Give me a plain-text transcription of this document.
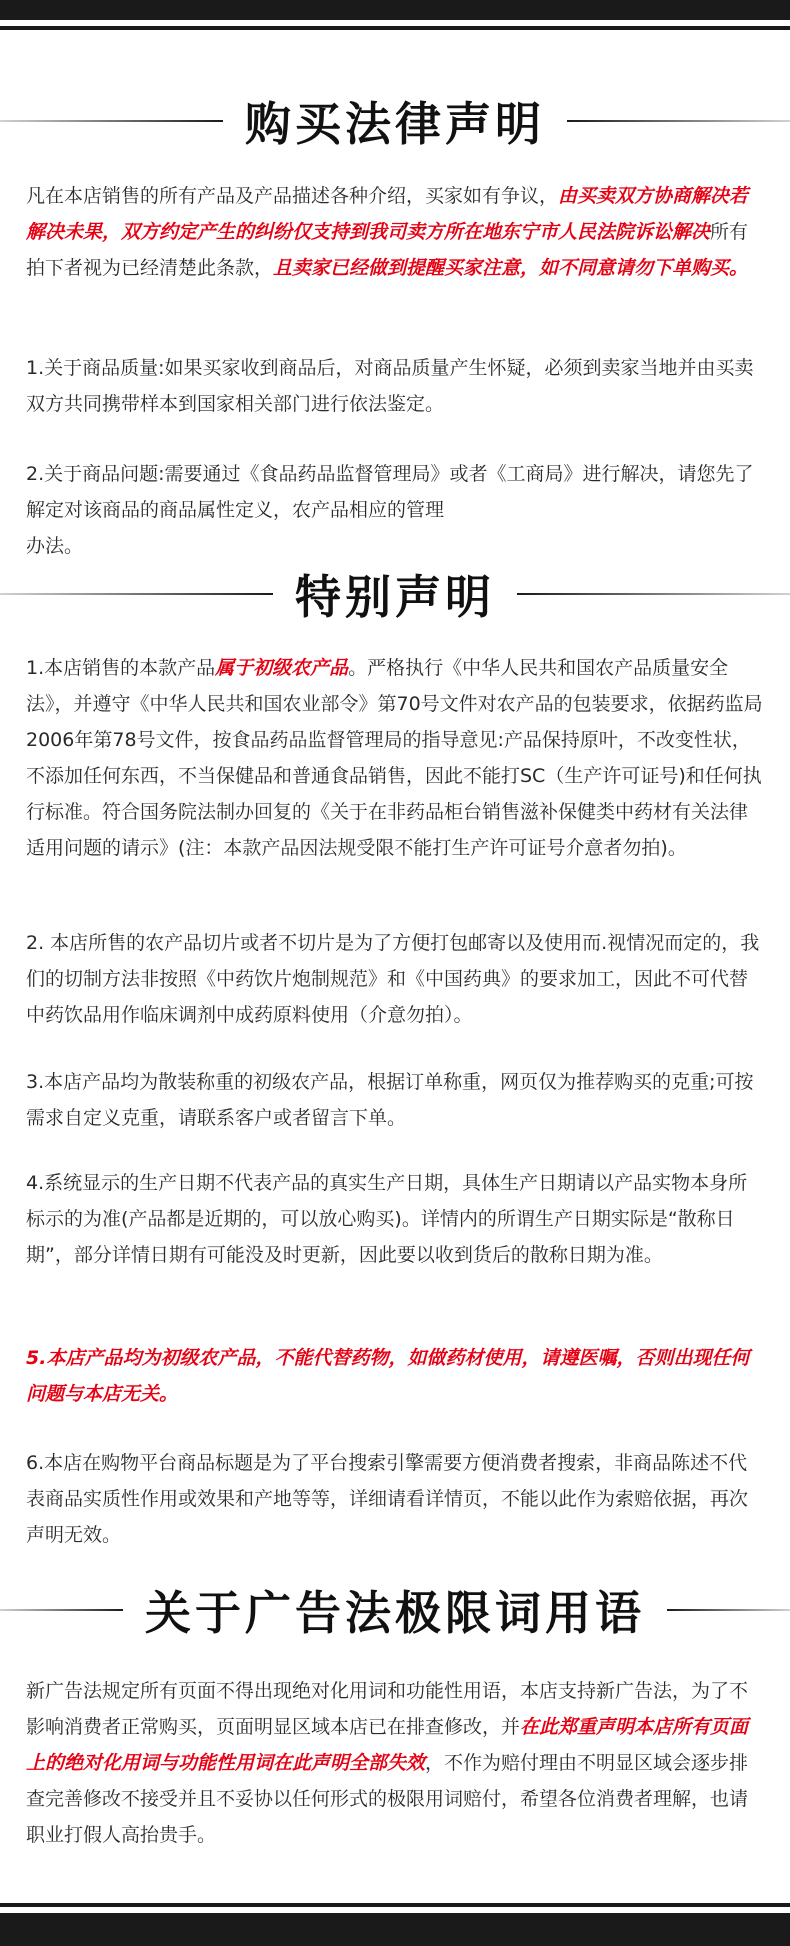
购买法律声明

凡在本店销售的所有产品及产品描述各种介绍，买家如有争议，由买卖双方协商解决若解决未果，双方约定产生的纠纷仅支持到我司卖方所在地东宁市人民法院诉讼解决所有拍下者视为已经清楚此条款，且卖家已经做到提醒买家注意，如不同意请勿下单购买。

1.关于商品质量:如果买家收到商品后，对商品质量产生怀疑，必须到卖家当地并由买卖双方共同携带样本到国家相关部门进行依法鉴定。

2.关于商品问题:需要通过《食品药品监督管理局》或者《工商局》进行解决，请您先了解定对该商品的商品属性定义，农产品相应的管理
办法。

特别声明

1.本店销售的本款产品属于初级农产品。严格执行《中华人民共和国农产品质量安全法》，并遵守《中华人民共和国农业部令》第70号文件对农产品的包装要求，依据药监局2006年第78号文件，按食品药品监督管理局的指导意见:产品保持原叶，不改变性状，不添加任何东西，不当保健品和普通食品销售，因此不能打SC（生产许可证号)和任何执行标准。符合国务院法制办回复的《关于在非药品柜台销售滋补保健类中药材有关法律适用问题的请示》(注：本款产品因法规受限不能打生产许可证号介意者勿拍)。

2. 本店所售的农产品切片或者不切片是为了方便打包邮寄以及使用而.视情况而定的，我们的切制方法非按照《中药饮片炮制规范》和《中国药典》的要求加工，因此不可代替中药饮品用作临床调剂中成药原料使用（介意勿拍）。

3.本店产品均为散装称重的初级农产品，根据订单称重，网页仅为推荐购买的克重;可按需求自定义克重，请联系客户或者留言下单。

4.系统显示的生产日期不代表产品的真实生产日期，具体生产日期请以产品实物本身所标示的为准(产品都是近期的，可以放心购买)。详情内的所谓生产日期实际是“散称日期”，部分详情日期有可能没及时更新，因此要以收到货后的散称日期为准。

5.本店产品均为初级农产品，不能代替药物，如做药材使用，请遵医嘱，否则出现任何问题与本店无关。

6.本店在购物平台商品标题是为了平台搜索引擎需要方便消费者搜索，非商品陈述不代表商品实质性作用或效果和产地等等，详细请看详情页，不能以此作为索赔依据，再次声明无效。

关于广告法极限词用语

新广告法规定所有页面不得出现绝对化用词和功能性用语，本店支持新广告法，为了不影响消费者正常购买，页面明显区域本店已在排查修改，并在此郑重声明本店所有页面上的绝对化用词与功能性用词在此声明全部失效，不作为赔付理由不明显区域会逐步排查完善修改不接受并且不妥协以任何形式的极限用词赔付，希望各位消费者理解，也请职业打假人高抬贵手。
